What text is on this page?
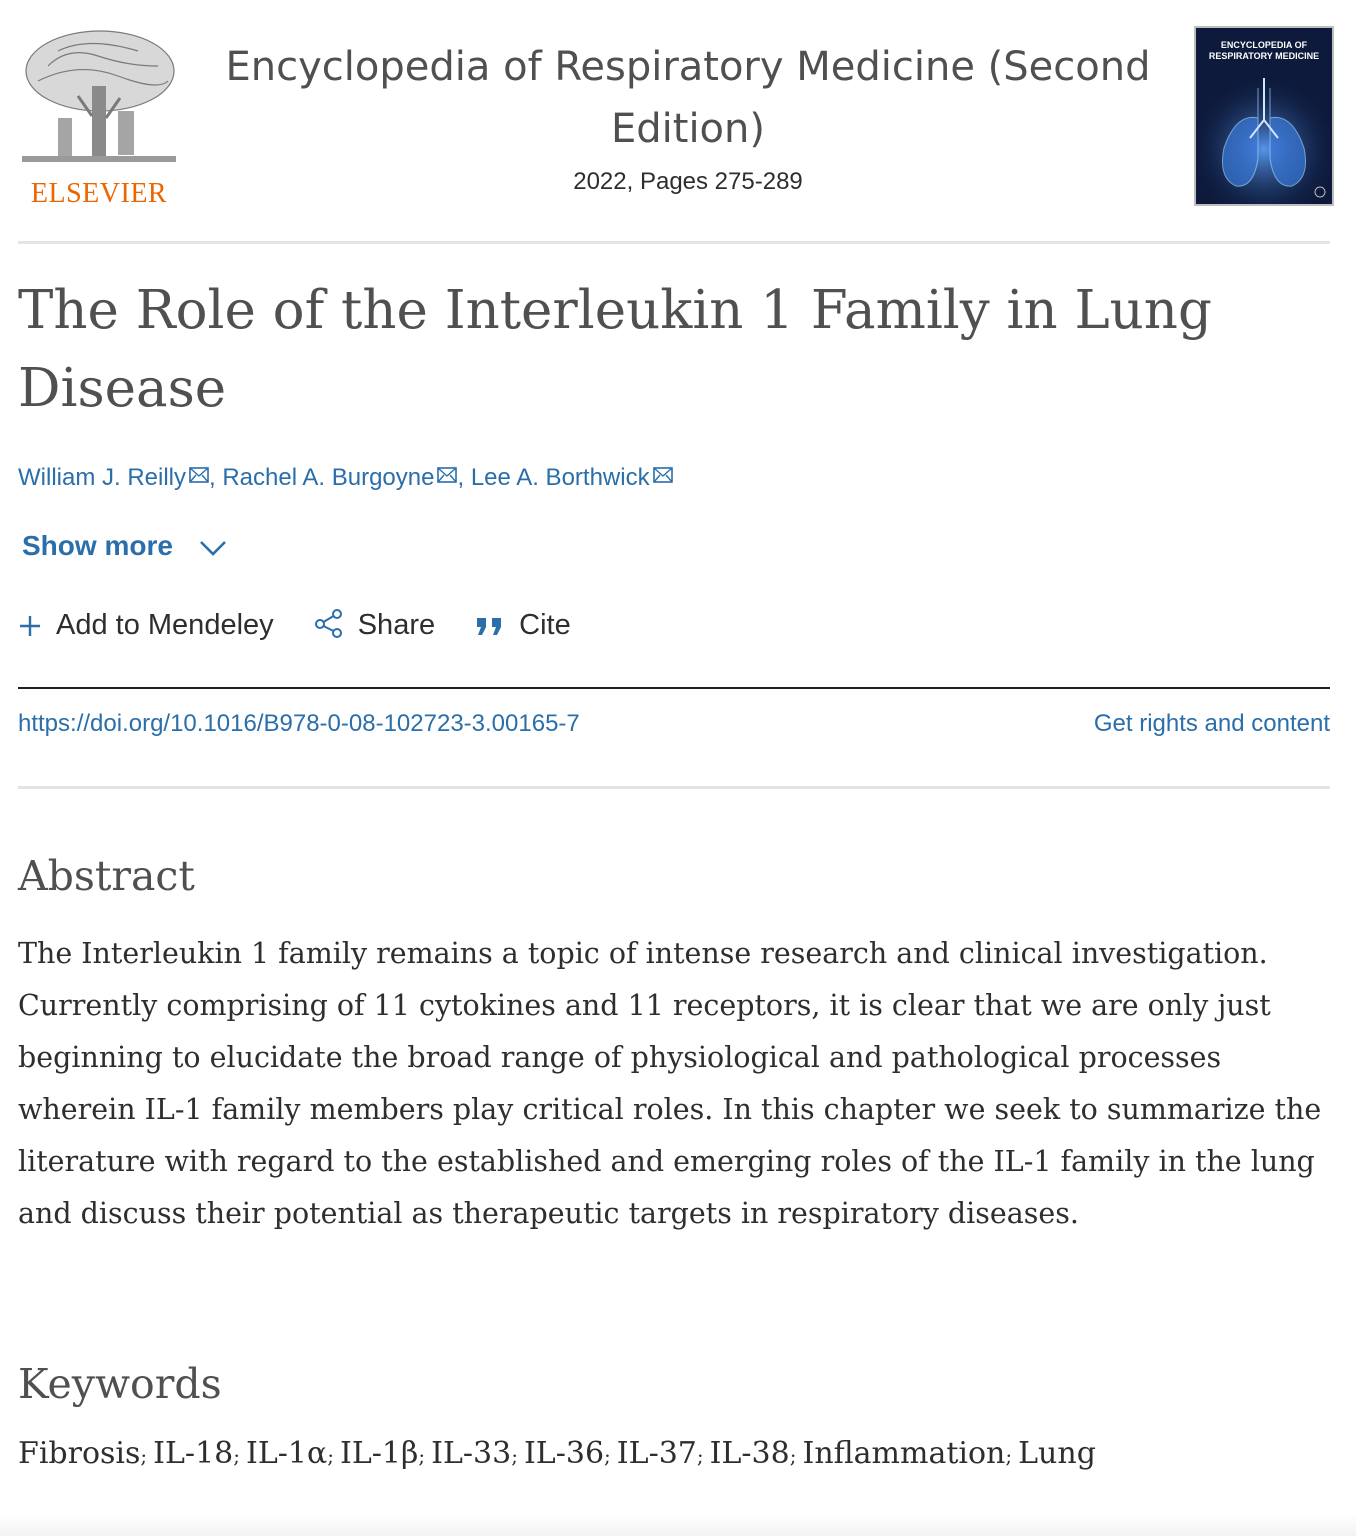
ELSEVIER
Encyclopedia of Respiratory Medicine (Second Edition)
2022, Pages 275-289
ENCYCLOPEDIA OF RESPIRATORY MEDICINE
The Role of the Interleukin 1 Family in Lung Disease
William J. Reilly , Rachel A. Burgoyne , Lee A. Borthwick
Show more
Add to Mendeley	Share	Cite
https://doi.org/10.1016/B978-0-08-102723-3.00165-7	Get rights and content
Abstract

The Interleukin 1 family remains a topic of intense research and clinical investigation. Currently comprising of 11 cytokines and 11 receptors, it is clear that we are only just beginning to elucidate the broad range of physiological and pathological processes wherein IL-1 family members play critical roles. In this chapter we seek to summarize the literature with regard to the established and emerging roles of the IL-1 family in the lung and discuss their potential as therapeutic targets in respiratory diseases.

Keywords
Fibrosis; IL-18; IL-1α; IL-1β; IL-33; IL-36; IL-37; IL-38; Inflammation; Lung
